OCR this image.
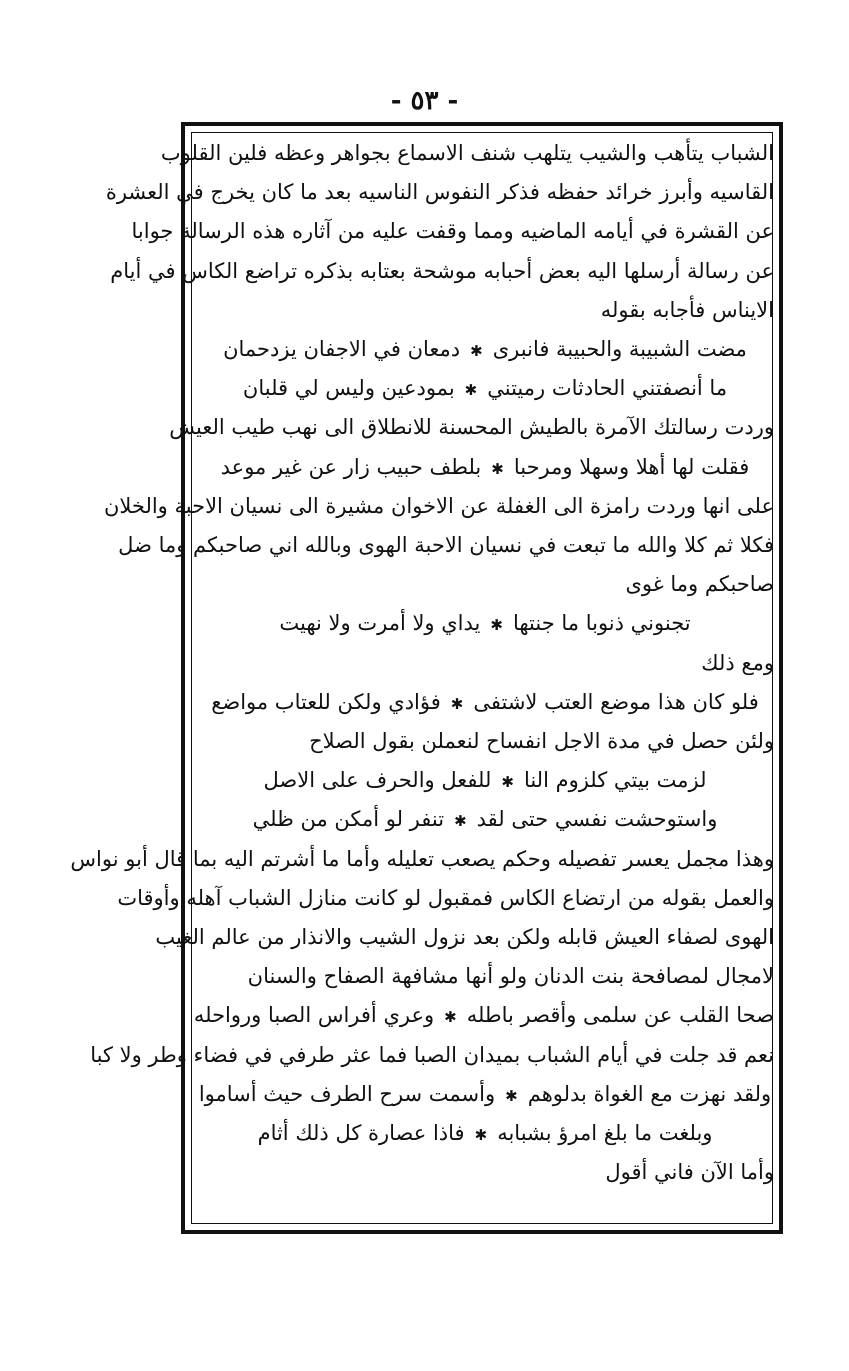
- ٥٣ -
الشباب يتأهب والشيب يتلهب شنف الاسماع بجواهر وعظه فلين القلوب
القاسيه وأبرز خرائد حفظه فذكر النفوس الناسيه بعد ما كان يخرج في العشرة
عن القشرة في أيامه الماضيه ومما وقفت عليه من آثاره هذه الرسالة جوابا
عن رسالة أرسلها اليه بعض أحبابه موشحة بعتابه بذكره تراضع الكاس في أيام
الايناس فأجابه بقوله
مضت الشبيبة والحبيبة فانبرى✱دمعان في الاجفان يزدحمان
ما أنصفتني الحادثات رميتني✱بمودعين وليس لي قلبان
وردت رسالتك الآمرة بالطيش المحسنة للانطلاق الى نهب طيب العيش
فقلت لها أهلا وسهلا ومرحبا✱بلطف حبيب زار عن غير موعد
على انها وردت رامزة الى الغفلة عن الاخوان مشيرة الى نسيان الاحبة والخلان
فكلا ثم كلا والله ما تبعت في نسيان الاحبة الهوى وبالله اني صاحبكم وما ضل
صاحبكم وما غوى
تجنوني ذنوبا ما جنتها✱يداي ولا أمرت ولا نهيت
ومع ذلك
فلو كان هذا موضع العتب لاشتفى✱فؤادي ولكن للعتاب مواضع
ولئن حصل في مدة الاجل انفساح لنعملن بقول الصلاح
لزمت بيتي كلزوم النا✱للفعل والحرف على الاصل
واستوحشت نفسي حتى لقد✱تنفر لو أمكن من ظلي
وهذا مجمل يعسر تفصيله وحكم يصعب تعليله وأما ما أشرتم اليه بما قال أبو نواس
والعمل بقوله من ارتضاع الكاس فمقبول لو كانت منازل الشباب آهله وأوقات
الهوى لصفاء العيش قابله ولكن بعد نزول الشيب والانذار من عالم الغيب
لامجال لمصافحة بنت الدنان ولو أنها مشافهة الصفاح والسنان
صحا القلب عن سلمى وأقصر باطله✱وعري أفراس الصبا ورواحله
نعم قد جلت في أيام الشباب بميدان الصبا فما عثر طرفي في فضاء وطر ولا كبا
ولقد نهزت مع الغواة بدلوهم✱وأسمت سرح الطرف حيث أساموا
وبلغت ما بلغ امرؤ بشبابه✱فاذا عصارة كل ذلك أثام
وأما الآن فاني أقول
